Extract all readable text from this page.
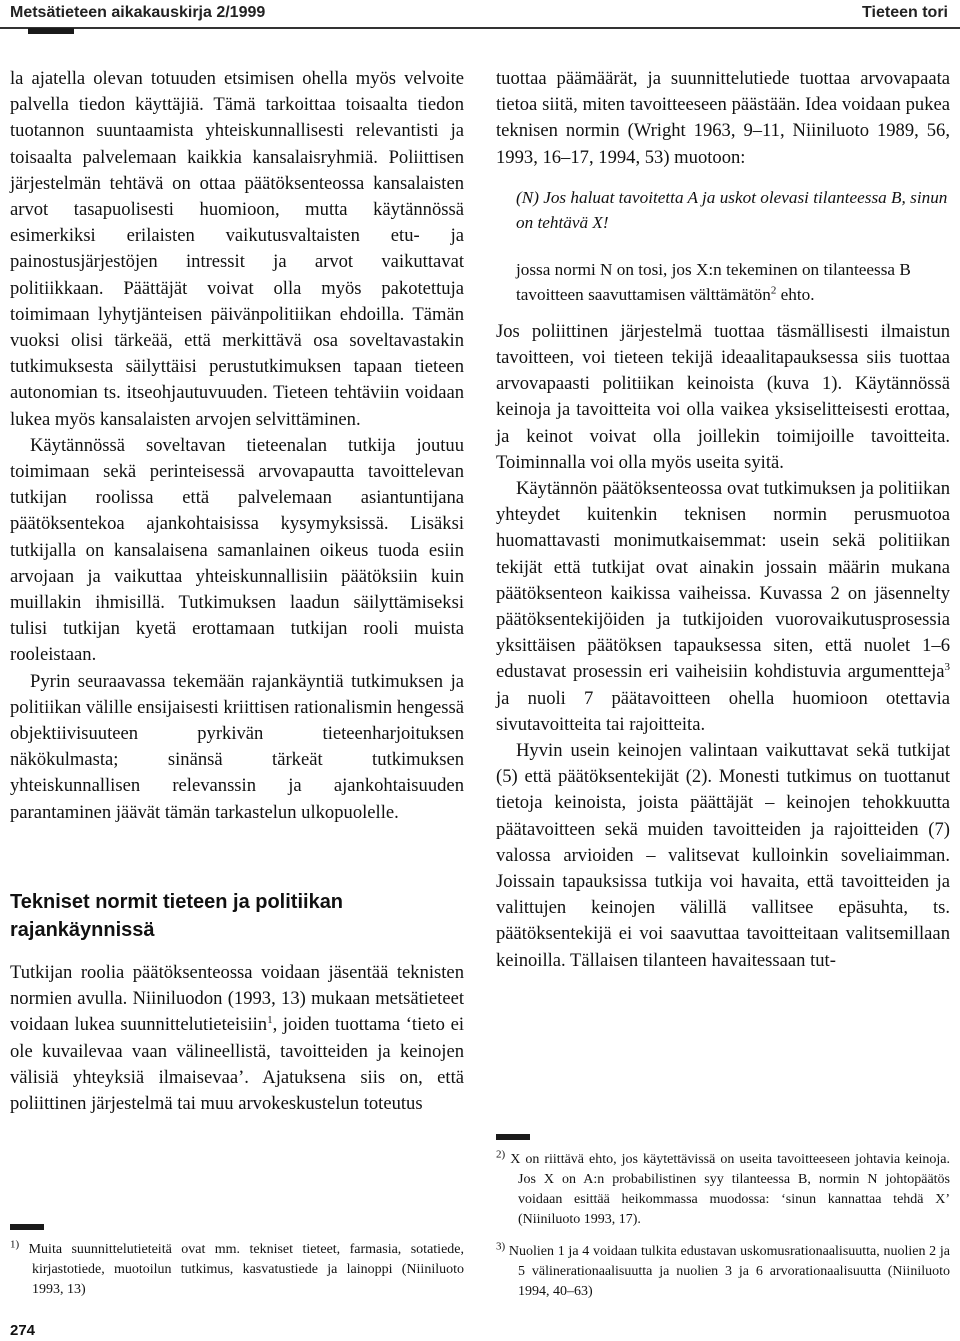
Metsätieteen aikakauskirja 2/1999	Tieteen tori

la ajatella olevan totuuden etsimisen ohella myös velvoite palvella tiedon käyttäjiä. Tämä tarkoittaa toisaalta tiedon tuotannon suuntaamista yhteiskunnallisesti relevantisti ja toisaalta palvelemaan kaikkia kansalaisryhmiä. Poliittisen järjestelmän tehtävä on ottaa päätöksenteossa kansalaisten arvot tasapuolisesti huomioon, mutta käytännössä esimerkiksi erilaisten vaikutusvaltaisten etu- ja painostusjärjestöjen intressit ja arvot vaikuttavat politiikkaan. Päättäjät voivat olla myös pakotettuja toimimaan lyhytjänteisen päivänpolitiikan ehdoilla. Tämän vuoksi olisi tärkeää, että merkittävä osa soveltavastakin tutkimuksesta säilyttäisi perustutkimuksen tapaan tieteen autonomian ts. itseohjautuvuuden. Tieteen tehtäviin voidaan lukea myös kansalaisten arvojen selvittäminen.

Käytännössä soveltavan tieteenalan tutkija joutuu toimimaan sekä perinteisessä arvovapautta tavoittelevan tutkijan roolissa että palvelemaan asiantuntijana päätöksentekoa ajankohtaisissa kysymyksissä. Lisäksi tutkijalla on kansalaisena samanlainen oikeus tuoda esiin arvojaan ja vaikuttaa yhteiskunnallisiin päätöksiin kuin muillakin ihmisillä. Tutkimuksen laadun säilyttämiseksi tulisi tutkijan kyetä erottamaan tutkijan rooli muista rooleistaan.

Pyrin seuraavassa tekemään rajankäyntiä tutkimuksen ja politiikan välille ensijaisesti kriittisen rationalismin hengessä objektiivisuuteen pyrkivän tieteenharjoituksen näkökulmasta; sinänsä tärkeät tutkimuksen yhteiskunnallisen relevanssin ja ajankohtaisuuden parantaminen jäävät tämän tarkastelun ulkopuolelle.

Tekniset normit tieteen ja politiikan rajankäynnissä

Tutkijan roolia päätöksenteossa voidaan jäsentää teknisten normien avulla. Niiniluodon (1993, 13) mukaan metsätieteet voidaan lukea suunnittelutieteisiin$^1$, joiden tuottama ‘tieto ei ole kuvailevaa vaan välineellistä, tavoitteiden ja keinojen välisiä yhteyksiä ilmaisevaa’. Ajatuksena siis on, että poliittinen järjestelmä tai muu arvokeskustelun toteutus

$^{1)}$ Muita suunnittelutieteitä ovat mm. tekniset tieteet, farmasia, sotatiede, kirjastotiede, muotoilun tutkimus, kasvatustiede ja lainoppi (Niiniluoto 1993, 13)

tuottaa päämäärät, ja suunnittelutiede tuottaa arvovapaata tietoa siitä, miten tavoitteeseen päästään. Idea voidaan pukea teknisen normin (Wright 1963, 9–11, Niiniluoto 1989, 56, 1993, 16–17, 1994, 53) muotoon:

(N) Jos haluat tavoitetta A ja uskot olevasi tilanteessa B, sinun on tehtävä X!
jossa normi N on tosi, jos X:n tekeminen on tilanteessa B tavoitteen saavuttamisen välttämätön$^2$ ehto.

Jos poliittinen järjestelmä tuottaa täsmällisesti ilmaistun tavoitteen, voi tieteen tekijä ideaalitapauksessa siis tuottaa arvovapaasti politiikan keinoista (kuva 1). Käytännössä keinoja ja tavoitteita voi olla vaikea yksiselitteisesti erottaa, ja keinot voivat olla joillekin toimijoille tavoitteita. Toiminnalla voi olla myös useita syitä.

Käytännön päätöksenteossa ovat tutkimuksen ja politiikan yhteydet kuitenkin teknisen normin perusmuotoa huomattavasti monimutkaisemmat: usein sekä politiikan tekijät että tutkijat ovat ainakin jossain määrin mukana päätöksenteon kaikissa vaiheissa. Kuvassa 2 on jäsennelty päätöksentekijöiden ja tutkijoiden vuorovaikutusprosessia yksittäisen päätöksen tapauksessa siten, että nuolet 1–6 edustavat prosessin eri vaiheisiin kohdistuvia argumentteja$^3$ ja nuoli 7 päätavoitteen ohella huomioon otettavia sivutavoitteita tai rajoitteita.

Hyvin usein keinojen valintaan vaikuttavat sekä tutkijat (5) että päätöksentekijät (2). Monesti tutkimus on tuottanut tietoja keinoista, joista päättäjät – keinojen tehokkuutta päätavoitteen sekä muiden tavoitteiden ja rajoitteiden (7) valossa arvioiden – valitsevat kulloinkin soveliaimman. Joissain tapauksissa tutkija voi havaita, että tavoitteiden ja valittujen keinojen välillä vallitsee epäsuhta, ts. päätöksentekijä ei voi saavuttaa tavoitteitaan valitsemillaan keinoilla. Tällaisen tilanteen havaitessaan tut-

$^{2)}$ X on riittävä ehto, jos käytettävissä on useita tavoitteeseen johtavia keinoja. Jos X on A:n probabilistinen syy tilanteessa B, normin N johtopäätös voidaan esittää heikommassa muodossa: ‘sinun kannattaa tehdä X’ (Niiniluoto 1993, 17).

$^{3)}$ Nuolien 1 ja 4 voidaan tulkita edustavan uskomusrationaalisuutta, nuolien 2 ja 5 välinerationaalisuutta ja nuolien 3 ja 6 arvorationaalisuutta (Niiniluoto 1994, 40–63)

274
